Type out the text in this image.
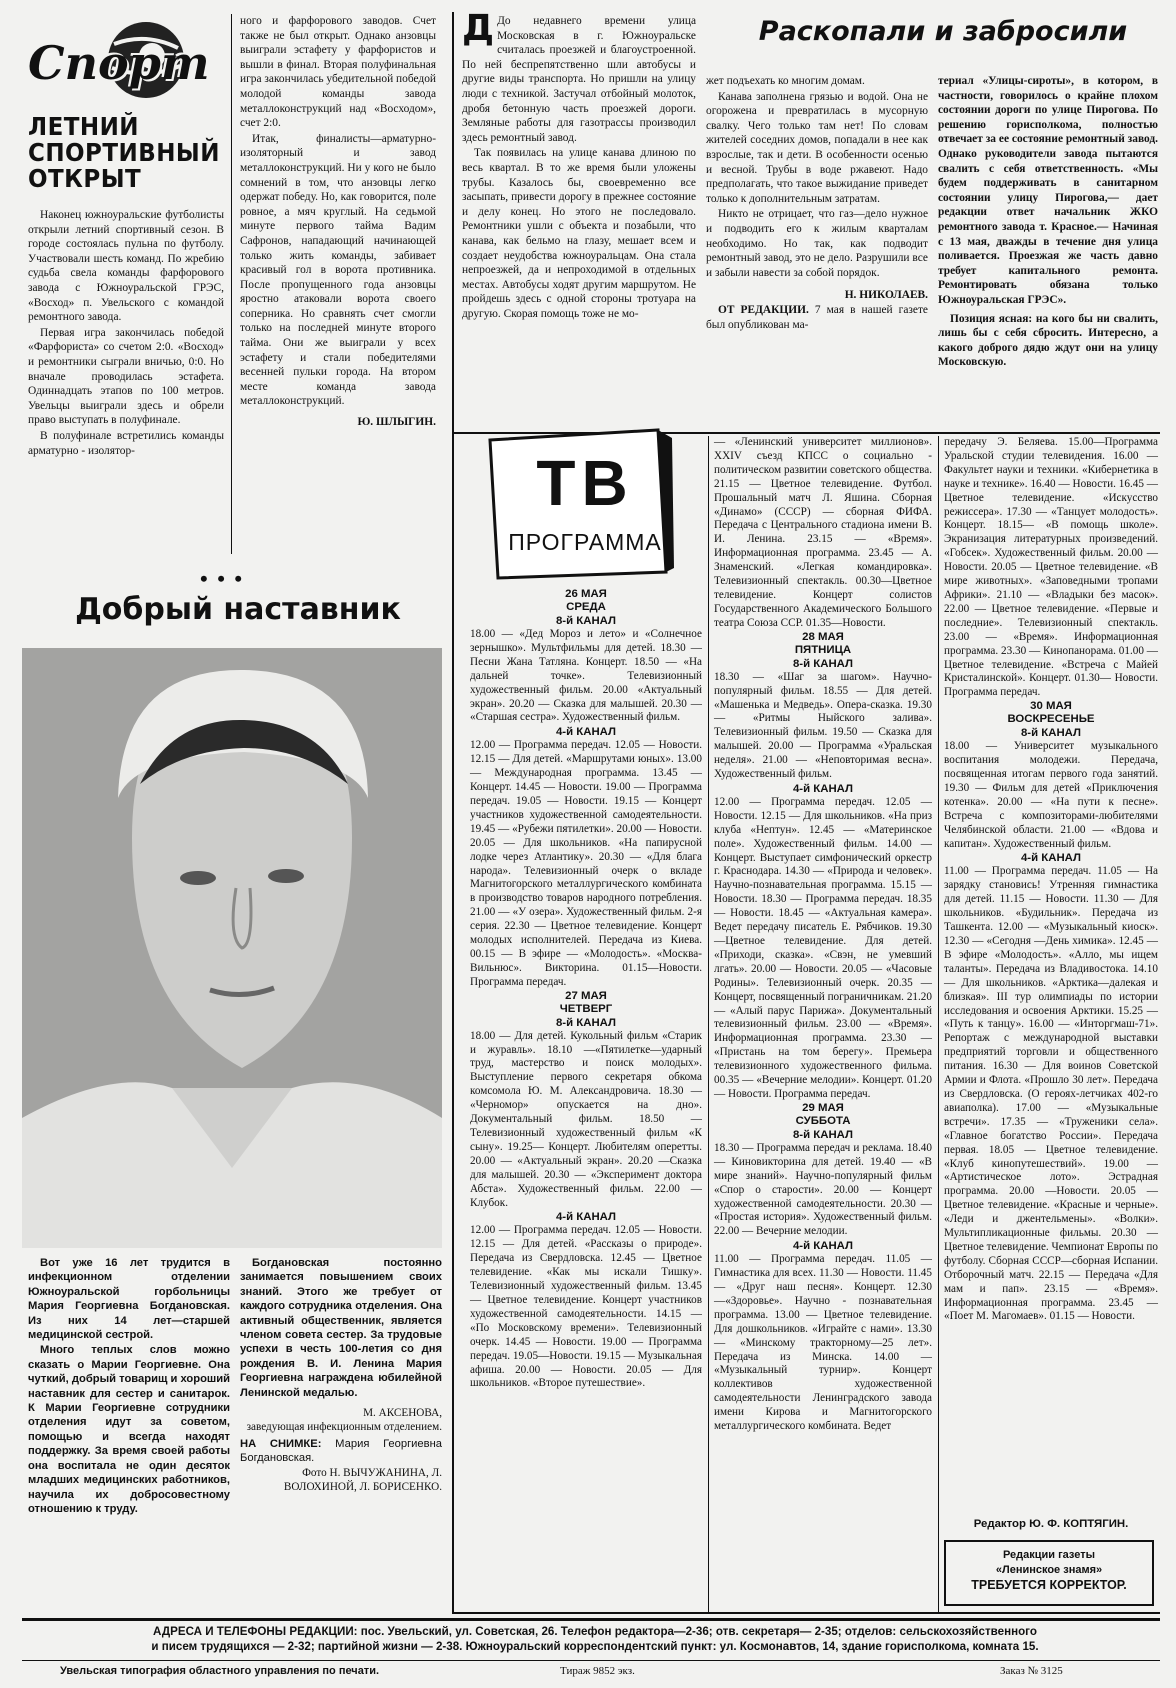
Спорт
ЛЕТНИЙ
СПОРТИВНЫЙ
ОТКРЫТ

Наконец южноуральские футболисты открыли летний спортивный сезон. В городе состоялась пульна по футболу. Участвовали шесть команд. По жребию судьба свела команды фарфорового завода с Южноуральской ГРЭС, «Восход» п. Увельского с командой ремонтного завода.

Первая игра закончилась победой «Фарфориста» со счетом 2:0. «Восход» и ремонтники сыграли вничью, 0:0. Но вначале проводилась эстафета. Одиннадцать этапов по 100 метров. Увельцы выиграли здесь и обрели право выступать в полуфинале.

В полуфинале встретились команды арматурно - изолятор-

ного и фарфорового заводов. Счет также не был открыт. Однако анзовцы выиграли эстафету у фарфористов и вышли в финал. Вторая полуфинальная игра закончилась убедительной победой молодой команды завода металлоконструкций над «Восходом», счет 2:0.

Итак, финалисты—арматурно-изоляторный и завод металлоконструкций. Ни у кого не было сомнений в том, что анзовцы легко одержат победу. Но, как говорится, поле ровное, а мяч круглый. На седьмой минуте первого тайма Вадим Сафронов, нападающий начинающей только жить команды, забивает красивый гол в ворота противника. После пропущенного года анзовцы яростно атаковали ворота своего соперника. Но сравнять счет смогли только на последней минуте второго тайма. Они же выиграли у всех эстафету и стали победителями весенней пульки города. На втором месте команда завода металлоконструкций.

Ю. ШЛЫГИН.
• • •
Раскопали и забросили

Д До недавнего времени улица Московская в г. Южноуральске считалась проезжей и благоустроенной. По ней беспрепятственно шли автобусы и другие виды транспорта. Но пришли на улицу люди с техникой. Застучал отбойный молоток, дробя бетонную часть проезжей дороги. Земляные работы для газотрассы производил здесь ремонтный завод.

Так появилась на улице канава длиною по весь квартал. В то же время были уложены трубы. Казалось бы, своевременно все засыпать, привести дорогу в прежнее состояние и делу конец. Но этого не последовало. Ремонтники ушли с объекта и позабыли, что канава, как бельмо на глазу, мешает всем и создает неудобства южноуральцам. Она стала непроезжей, да и непроходимой в отдельных местах. Автобусы ходят другим маршрутом. Не пройдешь здесь с одной стороны тротуара на другую. Скорая помощь тоже не мо-

жет подъехать ко многим домам.

Канава заполнена грязью и водой. Она не огорожена и превратилась в мусорную свалку. Чего только там нет! По словам жителей соседних домов, попадали в нее как взрослые, так и дети. В особенности осенью и весной. Трубы в воде ржавеют. Надо предполагать, что такое выжидание приведет только к дополнительным затратам.

Никто не отрицает, что газ—дело нужное и подводить его к жилым кварталам необходимо. Но так, как подводит ремонтный завод, это не дело. Разрушили все и забыли навести за собой порядок.

Н. НИКОЛАЕВ.

ОТ РЕДАКЦИИ. 7 мая в нашей газете был опубликован ма-

териал «Улицы-сироты», в котором, в частности, говорилось о крайне плохом состоянии дороги по улице Пирогова. По решению горисполкома, полностью отвечает за ее состояние ремонтный завод. Однако руководители завода пытаются свалить с себя ответственность. «Мы будем поддерживать в санитарном состоянии улицу Пирогова,— дает редакции ответ начальник ЖКО ремонтного завода т. Красное.— Начиная с 13 мая, дважды в течение дня улица поливается. Проезжая же часть давно требует капитального ремонта. Ремонтировать обязана только Южноуральская ГРЭС».

Позиция ясная: на кого бы ни свалить, лишь бы с себя сбросить. Интересно, а какого доброго дядю ждут они на улицу Московскую.

Добрый наставник

Вот уже 16 лет трудится в инфекционном отделении Южноуральской горбольницы Мария Георгиевна Богдановская. Из них 14 лет—старшей медицинской сестрой.

Много теплых слов можно сказать о Марии Георгиевне. Она чуткий, добрый товарищ и хороший наставник для сестер и санитарок. К Марии Георгиевне сотрудники отделения идут за советом, помощью и всегда находят поддержку. За время своей работы она воспитала не один десяток младших медицинских работников, научила их добросовестному отношению к труду.

Богдановская постоянно занимается повышением своих знаний. Этого же требует от каждого сотрудника отделения. Она активный общественник, является членом совета сестер. За трудовые успехи в честь 100-летия со дня рождения В. И. Ленина Мария Георгиевна награждена юбилейной Ленинской медалью.

М. АКСЕНОВА,
заведующая инфекционным отделением.

НА СНИМКЕ: Мария Георгиевна Богдановская.

Фото Н. ВЫЧУЖАНИНА, Л. ВОЛОХИНОЙ, Л. БОРИСЕНКО.
ТВ
ПРОГРАММА
26 МАЯ
СРЕДА
8-й КАНАЛ

18.00 — «Дед Мороз и лето» и «Солнечное зернышко». Мультфильмы для детей. 18.30 — Песни Жана Татляна. Концерт. 18.50 — «На дальней точке». Телевизионный художественный фильм. 20.00 «Актуальный экран». 20.20 — Сказка для малышей. 20.30 — «Старшая сестра». Художественный фильм.

4-й КАНАЛ

12.00 — Программа передач. 12.05 — Новости. 12.15 — Для детей. «Маршрутами юных». 13.00 — Международная программа. 13.45 — Концерт. 14.45 — Новости. 19.00 — Программа передач. 19.05 — Новости. 19.15 — Концерт участников художественной самодеятельности. 19.45 — «Рубежи пятилетки». 20.00 — Новости. 20.05 — Для школьников. «На папирусной лодке через Атлантику». 20.30 — «Для блага народа». Телевизионный очерк о вкладе Магнитогорского металлургического комбината в производство товаров народного потребления. 21.00 — «У озера». Художественный фильм. 2-я серия. 22.30 — Цветное телевидение. Концерт молодых исполнителей. Передача из Киева. 00.15 — В эфире — «Молодость». «Москва-Вильнюс». Викторина. 01.15—Новости. Программа передач.

27 МАЯ
ЧЕТВЕРГ
8-й КАНАЛ

18.00 — Для детей. Кукольный фильм «Старик и журавль». 18.10 —«Пятилетке—ударный труд, мастерство и поиск молодых». Выступление первого секретаря обкома комсомола Ю. М. Александровича. 18.30 — «Черномор» опускается на дно». Документальный фильм. 18.50 — Телевизионный художественный фильм «К сыну». 19.25— Концерт. Любителям оперетты. 20.00 — «Актуальный экран». 20.20 —Сказка для малышей. 20.30 — «Эксперимент доктора Абста». Художественный фильм. 22.00 — Клубок.

4-й КАНАЛ

12.00 — Программа передач. 12.05 — Новости. 12.15 — Для детей. «Рассказы о природе». Передача из Свердловска. 12.45 — Цветное телевидение. «Как мы искали Тишку». Телевизионный художественный фильм. 13.45 — Цветное телевидение. Концерт участников художественной самодеятельности. 14.15 — «По Московскому времени». Телевизионный очерк. 14.45 — Новости. 19.00 — Программа передач. 19.05—Новости. 19.15 — Музыкальная афиша. 20.00 — Новости. 20.05 — Для школьников. «Второе путешествие».

— «Ленинский университет миллионов». XXIV съезд КПСС о социально - политическом развитии советского общества. 21.15 — Цветное телевидение. Футбол. Прошальный матч Л. Яшина. Сборная «Динамо» (СССР) — сборная ФИФА. Передача с Центрального стадиона имени В. И. Ленина. 23.15 — «Время». Информационная программа. 23.45 — А. Знаменский. «Легкая командировка». Телевизионный спектакль. 00.30—Цветное телевидение. Концерт солистов Государственного Академического Большого театра Союза ССР. 01.35—Новости.

28 МАЯ
ПЯТНИЦА
8-й КАНАЛ

18.30 — «Шаг за шагом». Научно-популярный фильм. 18.55 — Для детей. «Машенька и Медведь». Опера-сказка. 19.30 — «Ритмы Ныйского залива». Телевизионный фильм. 19.50 — Сказка для малышей. 20.00 — Программа «Уральская неделя». 21.00 — «Неповторимая весна». Художественный фильм.

4-й КАНАЛ

12.00 — Программа передач. 12.05 — Новости. 12.15 — Для школьников. «На приз клуба «Нептун». 12.45 — «Материнское поле». Художественный фильм. 14.00 — Концерт. Выступает симфонический оркестр г. Краснодара. 14.30 — «Природа и человек». Научно-познавательная программа. 15.15 — Новости. 18.30 — Программа передач. 18.35 — Новости. 18.45 — «Актуальная камера». Ведет передачу писатель Е. Рябчиков. 19.30 —Цветное телевидение. Для детей. «Приходи, сказка». «Свэн, не умевший лгать». 20.00 — Новости. 20.05 — «Часовые Родины». Телевизионный очерк. 20.35 —Концерт, посвященный пограничникам. 21.20 — «Алый парус Парижа». Документальный телевизионный фильм. 23.00 — «Время». Информационная программа. 23.30 — «Пристань на том берегу». Премьера телевизионного художественного фильма. 00.35 — «Вечерние мелодии». Концерт. 01.20 — Новости. Программа передач.

29 МАЯ
СУББОТА
8-й КАНАЛ

18.30 — Программа передач и реклама. 18.40 — Киновикторина для детей. 19.40 — «В мире знаний». Научно-популярный фильм «Спор о старости». 20.00 — Концерт художественной самодеятельности. 20.30 — «Простая история». Художественный фильм. 22.00 — Вечерние мелодии.

4-й КАНАЛ

11.00 — Программа передач. 11.05 — Гимнастика для всех. 11.30 — Новости. 11.45 — «Друг наш песня». Концерт. 12.30—«Здоровье». Научно - познавательная программа. 13.00 — Цветное телевидение. Для дошкольников. «Играйте с нами». 13.30 — «Минскому тракторному—25 лет». Передача из Минска. 14.00 — «Музыкальный турнир». Концерт коллективов художественной самодеятельности Ленинградского завода имени Кирова и Магнитогорского металлургического комбината. Ведет

передачу Э. Беляева. 15.00—Программа Уральской студии телевидения. 16.00 — Факультет науки и техники. «Кибернетика в науке и технике». 16.40 — Новости. 16.45 — Цветное телевидение. «Искусство режиссера». 17.30 — «Танцует молодость». Концерт. 18.15— «В помощь школе». Экранизация литературных произведений. «Гобсек». Художественный фильм. 20.00 — Новости. 20.05 — Цветное телевидение. «В мире животных». «Заповедными тропами Африки». 21.10 — «Владыки без масок». 22.00 — Цветное телевидение. «Первые и последние». Телевизионный спектакль. 23.00 — «Время». Информационная программа. 23.30 — Кинопанорама. 01.00 — Цветное телевидение. «Встреча с Майей Кристалинской». Концерт. 01.30— Новости. Программа передач.

30 МАЯ
ВОСКРЕСЕНЬЕ
8-й КАНАЛ

18.00 — Университет музыкального воспитания молодежи. Передача, посвященная итогам первого года занятий. 19.30 — Фильм для детей «Приключения котенка». 20.00 — «На пути к песне». Встреча с композиторами-любителями Челябинской области. 21.00 — «Вдова и капитан». Художественный фильм.

4-й КАНАЛ

11.00 — Программа передач. 11.05 — На зарядку становись! Утренняя гимнастика для детей. 11.15 — Новости. 11.30 — Для школьников. «Будильник». Передача из Ташкента. 12.00 — «Музыкальный киоск». 12.30 — «Сегодня —День химика». 12.45 — В эфире «Молодость». «Алло, мы ищем таланты». Передача из Владивостока. 14.10 — Для школьников. «Арктика—далекая и близкая». III тур олимпиады по истории исследования и освоения Арктики. 15.25 — «Путь к танцу». 16.00 — «Инторгмаш-71». Репортаж с международной выставки предприятий торговли и общественного питания. 16.30 — Для воинов Советской Армии и Флота. «Прошло 30 лет». Передача из Свердловска. (О героях-летчиках 402-го авиаполка). 17.00 — «Музыкальные встречи». 17.35 — «Труженики села». «Главное богатство России». Передача первая. 18.05 — Цветное телевидение. «Клуб кинопутешествий». 19.00 — «Артистическое лото». Эстрадная программа. 20.00 —Новости. 20.05 — Цветное телевидение. «Красные и черные». «Леди и джентельмены». «Волки». Мультипликационные фильмы. 20.30 —Цветное телевидение. Чемпионат Европы по футболу. Сборная СССР—сборная Испании. Отборочный матч. 22.15 — Передача «Для мам и пап». 23.15 — «Время». Информационная программа. 23.45 — «Поет М. Магомаев». 01.15 — Новости.

Редактор Ю. Ф. КОПТЯГИН.
Редакции газеты
«Ленинское знамя»
ТРЕБУЕТСЯ КОРРЕКТОР.
АДРЕСА И ТЕЛЕФОНЫ РЕДАКЦИИ: пос. Увельский, ул. Советская, 26. Телефон редактора—2-36; отв. секретаря— 2-35; отделов: сельскохозяйственного
и писем трудящихся — 2-32; партийной жизни — 2-38. Южноуральский корреспондентский пункт: ул. Космонавтов, 14, здание горисполкома, комната 15.
Увельская типография областного управления по печати.	Тираж 9852 экз.	Заказ № 3125
